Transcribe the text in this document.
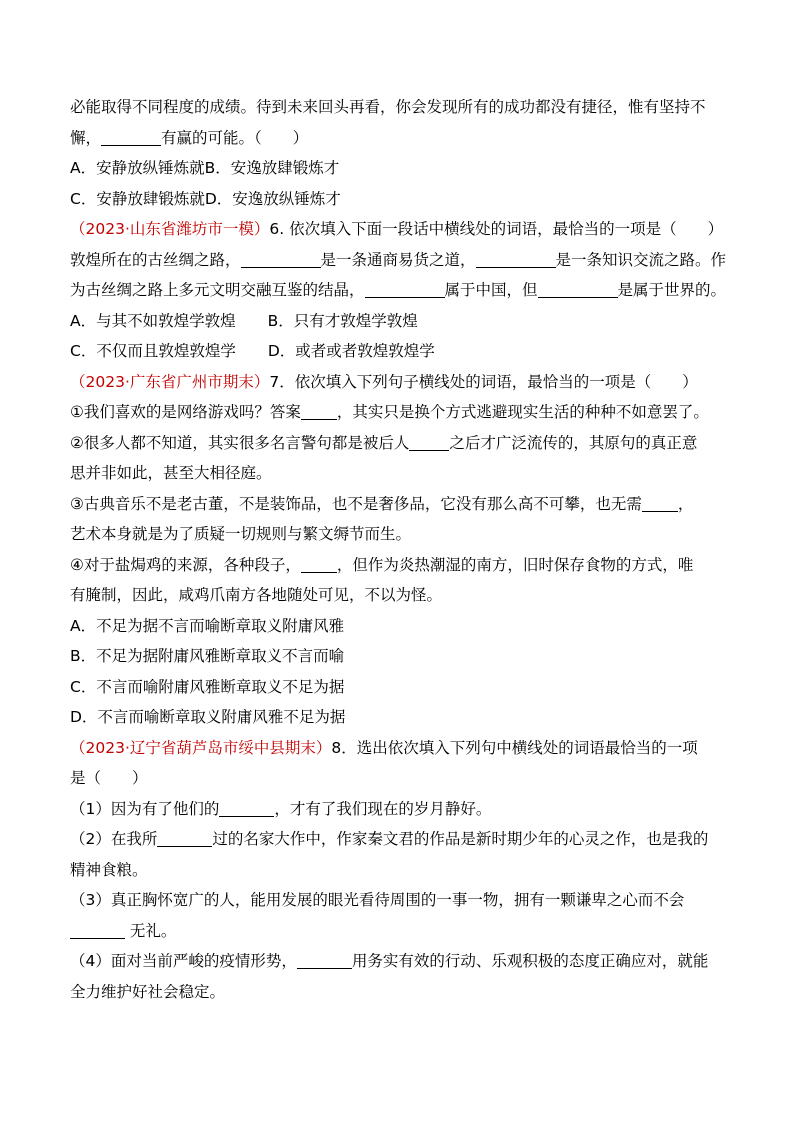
必能取得不同程度的成绩。待到未来回头再看，你会发现所有的成功都没有捷径，惟有坚持不
懈，	有赢的可能。（　　）
A．安静放纵锤炼就B．安逸放肆锻炼才
C．安静放肆锻炼就D．安逸放纵锤炼才
（2023·山东省潍坊市一模）6. 依次填入下面一段话中横线处的词语，最恰当的一项是（　　）
敦煌所在的古丝绸之路，	是一条通商易货之道，	是一条知识交流之路。作
为古丝绸之路上多元文明交融互鉴的结晶，	属于中国，但	是属于世界的。
A．与其不如敦煌学敦煌 B．只有才敦煌学敦煌
C．不仅而且敦煌敦煌学 D．或者或者敦煌敦煌学
（2023·广东省广州市期末）7．依次填入下列句子横线处的词语，最恰当的一项是（　　）
①我们喜欢的是网络游戏吗？答案 ，其实只是换个方式逃避现实生活的种种不如意罢了。
②很多人都不知道，其实很多名言警句都是被后人	之后才广泛流传的，其原句的真正意
思并非如此，甚至大相径庭。
③古典音乐不是老古董，不是装饰品，也不是奢侈品，它没有那么高不可攀，也无需 ，
艺术本身就是为了质疑一切规则与繁文缛节而生。
④对于盐焗鸡的来源，各种段子， ，但作为炎热潮湿的南方，旧时保存食物的方式，唯
有腌制，因此，咸鸡爪南方各地随处可见，不以为怪。
A．不足为据不言而喻断章取义附庸风雅
B．不足为据附庸风雅断章取义不言而喻
C．不言而喻附庸风雅断章取义不足为据
D．不言而喻断章取义附庸风雅不足为据
（2023·辽宁省葫芦岛市绥中县期末）8．选出依次填入下列句中横线处的词语最恰当的一项
是（　　）
（1）因为有了他们的	，才有了我们现在的岁月静好。
（2）在我所	过的名家大作中，作家秦文君的作品是新时期少年的心灵之作，也是我的
精神食粮。
（3）真正胸怀宽广的人，能用发展的眼光看待周围的一事一物，拥有一颗谦卑之心而不会
无礼。
（4）面对当前严峻的疫情形势，	用务实有效的行动、乐观积极的态度正确应对，就能
全力维护好社会稳定。
